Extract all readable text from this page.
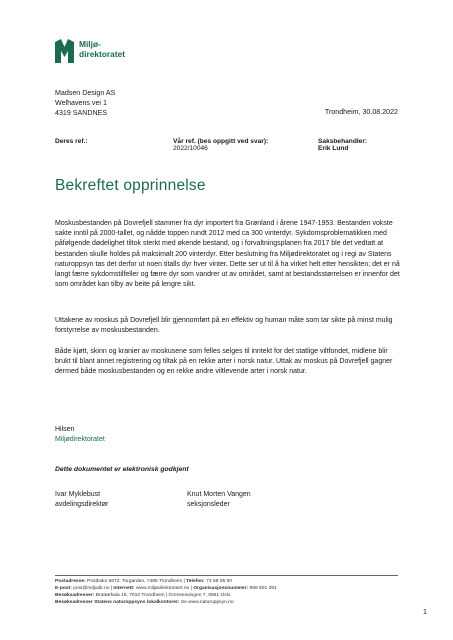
Miljø-
direktoratet
Madsen Design AS
Welhavens vei 1
4319 SANDNES	Trondheim, 30.08.2022
Deres ref.:	Vår ref. (bes oppgitt ved svar):
2022/10046
Saksbehandler:
Erik Lund
Bekreftet opprinnelse

Moskusbestanden på Dovrefjell stammer fra dyr importert fra Grønland i årene 1947-1953. Bestanden vokste sakte inntil på 2000-tallet, og nådde toppen rundt 2012 med ca 300 vinterdyr. Sykdomsproblematikken med påfølgende dødelighet tiltok sterkt med økende bestand, og i forvaltningsplanen fra 2017 ble det vedtatt at bestanden skulle holdes på maksimalt 200 vinterdyr. Etter beslutning fra Miljødirektoratet og i regi av Statens naturoppsyn tas det derfor ut noen titalls dyr hver vinter. Dette ser ut til å ha virket helt etter hensikten; det er nå langt færre sykdomstilfeller og færre dyr som vandrer ut av området, samt at bestandsstørrelsen er innenfor det som området kan tilby av beite på lengre sikt.

Uttakene av moskus på Dovrefjell blir gjennomført på en effektiv og human måte som tar sikte på minst mulig forstyrrelse av moskusbestanden.

Både kjøtt, skinn og kranier av moskusene som felles selges til inntekt for det statlige viltfondet, midlene blir brukt til blant annet registrering og tiltak på en rekke arter i norsk natur. Uttak av moskus på Dovrefjell gagner dermed både moskusbestanden og en rekke andre viltlevende arter i norsk natur.

Hilsen
Miljødirektoratet
Dette dokumentet er elektronisk godkjent
Ivar Myklebust
avdelingsdirektør
Knut Morten Vangen
seksjonsleder
Postadresse: Postboks 5672, Torgarden, 7485 Trondheim | Telefon: 73 58 05 00
E-post: post@miljodir.no | Internett: www.miljødirektoratet.no | Organisasjonsnummer: 999 601 391
Besøksadresser: Brattørkaia 15, 7010 Trondheim | Grensesvingen 7, 0661 Oslo
Besøksadresser Statens naturoppsyns lokalkontorer: Se www.naturoppsyn.no
1
